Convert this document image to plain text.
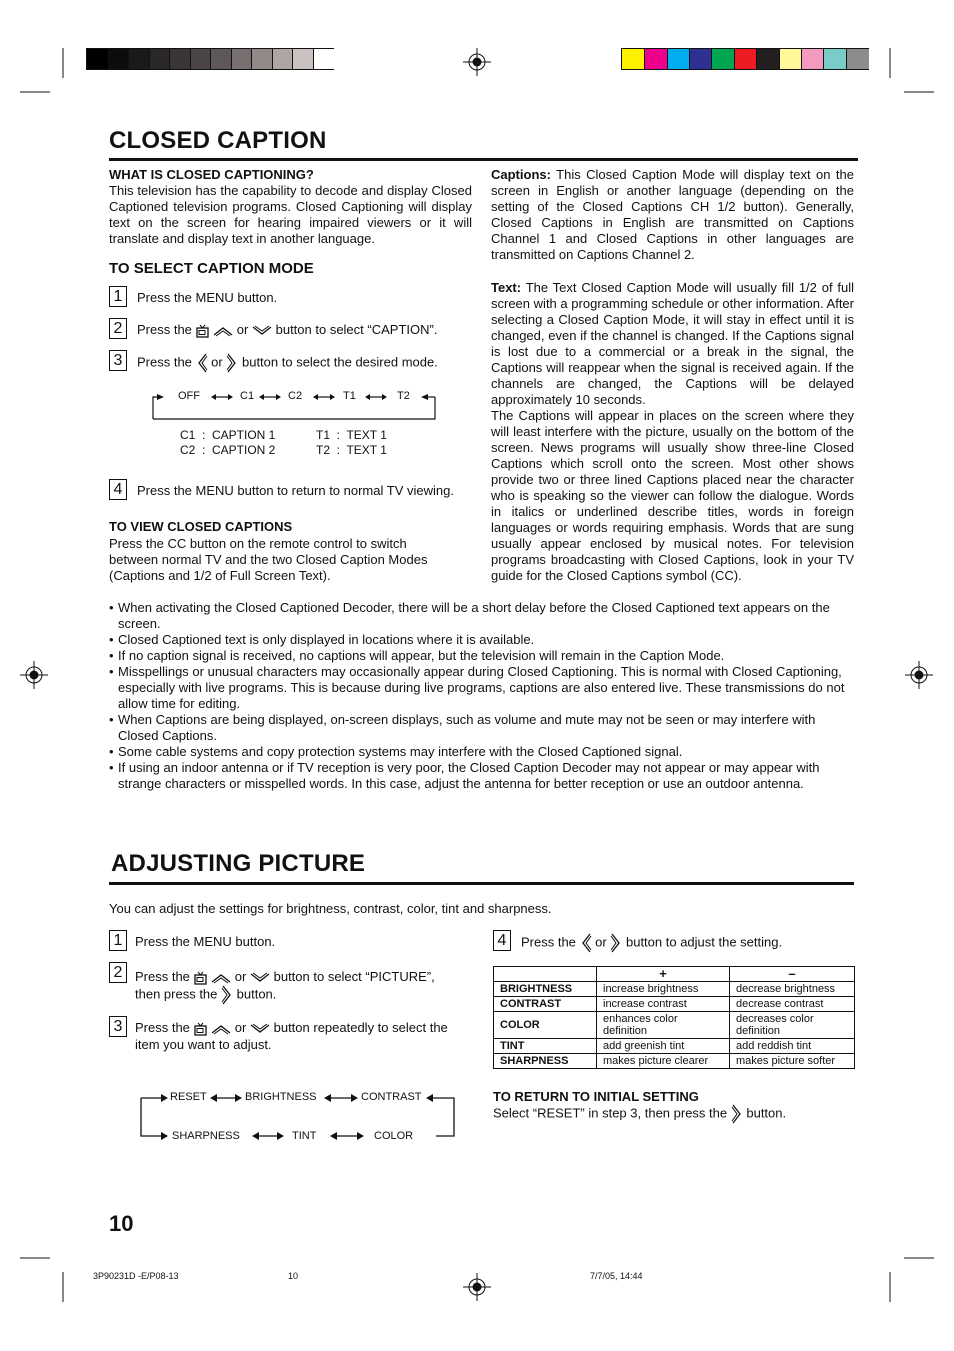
CLOSED CAPTION
WHAT IS CLOSED CAPTIONING?
This television has the capability to decode and display Closed Captioned television programs. Closed Captioning will display text on the screen for hearing impaired viewers or it will translate and display text in another language.
TO SELECT CAPTION MODE
1	Press the MENU button.
2	Press the	or button to select “CAPTION”.
3	Press the or button to select the desired mode.
OFF	C1	C2	T1	T2
C1  :  CAPTION 1
C2  :  CAPTION 2
T1  :  TEXT 1
T2  :  TEXT 1
4	Press the MENU button to return to normal TV viewing.
TO VIEW CLOSED CAPTIONS
Press the CC button on the remote control to switch between normal TV and the two Closed Caption Modes (Captions and 1/2 of Full Screen Text).
Captions: This Closed Caption Mode will display text on the screen in English or another language (depending on the setting of the Closed Captions CH 1/2 button). Generally, Closed Captions in English are transmitted on Captions Channel 1 and Closed Captions in other languages are transmitted on Captions Channel 2.
Text: The Text Closed Caption Mode will usually fill 1/2 of full screen with a programming schedule or other information. After selecting a Closed Caption Mode, it will stay in effect until it is changed, even if the channel is changed. If the Captions signal is lost due to a commercial or a break in the signal, the Captions will reappear when the signal is received again. If the channels are changed, the Captions will be delayed approximately 10 seconds.
The Captions will appear in places on the screen where they will least interfere with the picture, usually on the bottom of the screen. News programs will usually show three-line Closed Captions which scroll onto the screen. Most other shows provide two or three lined Captions placed near the character who is speaking so the viewer can follow the dialogue. Words in italics or underlined describe titles, words in foreign languages or words requiring emphasis. Words that are sung usually appear enclosed by musical notes. For television programs broadcasting with Closed Captions, look in your TV guide for the Closed Captions symbol (CC).
• When activating the Closed Captioned Decoder, there will be a short delay before the Closed Captioned text appears on the screen.
• Closed Captioned text is only displayed in locations where it is available.
• If no caption signal is received, no captions will appear, but the television will remain in the Caption Mode.
• Misspellings or unusual characters may occasionally appear during Closed Captioning. This is normal with Closed Captioning, especially with live programs. This is because during live programs, captions are also entered live. These transmissions do not allow time for editing.
• When Captions are being displayed, on-screen displays, such as volume and mute may not be seen or may interfere with Closed Captions.
• Some cable systems and copy protection systems may interfere with the Closed Captioned signal.
• If using an indoor antenna or if TV reception is very poor, the Closed Caption Decoder may not appear or may appear with strange characters or misspelled words. In this case, adjust the antenna for better reception or use an outdoor antenna.
ADJUSTING PICTURE
You can adjust the settings for brightness, contrast, color, tint and sharpness.
1 Press the MENU button.
2 Press the	or button to select “PICTURE”,
then press the button.
3 Press the	or button repeatedly to select the
item you want to adjust.
RESET	BRIGHTNESS	CONTRAST
SHARPNESS	TINT	COLOR
4	Press the or button to adjust the setting.
	+	–
BRIGHTNESS	increase brightness	decrease brightness
CONTRAST	increase contrast	decrease contrast
COLOR	enhances color definition	decreases color definition
TINT	add greenish tint	add reddish tint
SHARPNESS	makes picture clearer	makes picture softer
TO RETURN TO INITIAL SETTING
Select “RESET” in step 3, then press the button.
10
3P90231D -E/P08-13	10	7/7/05, 14:44
